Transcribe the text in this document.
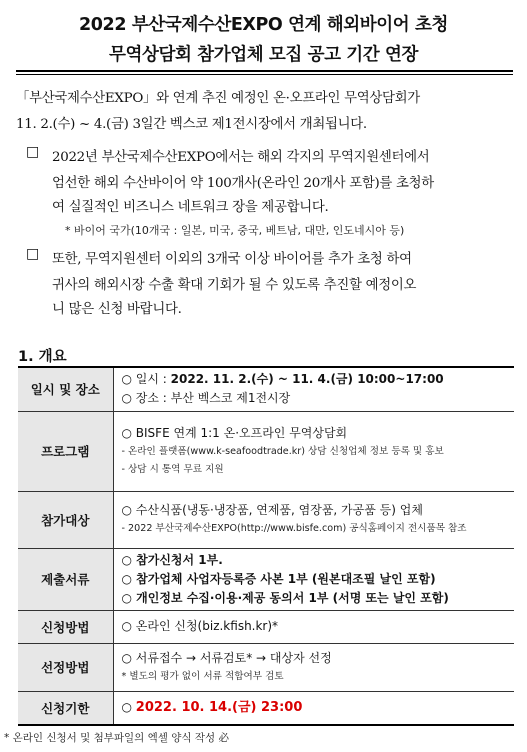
2022 부산국제수산EXPO 연계 해외바이어 초청
무역상담회 참가업체 모집 공고 기간 연장
「부산국제수산EXPO」와 연계 추진 예정인 온·오프라인 무역상담회가
11. 2.(수) ~ 4.(금) 3일간 벡스코 제1전시장에서 개최됩니다.
□ 2022년 부산국제수산EXPO에서는 해외 각지의 무역지원센터에서
엄선한 해외 수산바이어 약 100개사(온라인 20개사 포함)를 초청하
여 실질적인 비즈니스 네트워크 장을 제공합니다.
* 바이어 국가(10개국 : 일본, 미국, 중국, 베트남, 대만, 인도네시아 등)
□ 또한, 무역지원센터 이외의 3개국 이상 바이어를 추가 초청 하여
귀사의 해외시장 수출 확대 기회가 될 수 있도록 추진할 예정이오
니 많은 신청 바랍니다.
1. 개요
일시 및 장소	○ 일시 : 2022. 11. 2.(수) ~ 11. 4.(금) 10:00~17:00
○ 장소 : 부산 벡스코 제1전시장

프로그램	○ BISFE 연계 1:1 온·오프라인 무역상담회
- 온라인 플랫폼(www.k-seafoodtrade.kr) 상담 신청업체 정보 등록 및 홍보
- 상담 시 통역 무료 지원

참가대상	○ 수산식품(냉동·냉장품, 연제품, 염장품, 가공품 등) 업체
- 2022 부산국제수산EXPO(http://www.bisfe.com) 공식홈페이지 전시품목 참조

제출서류	○ 참가신청서 1부.
○ 참가업체 사업자등록증 사본 1부 (원본대조필 날인 포함)
○ 개인정보 수집·이용·제공 동의서 1부 (서명 또는 날인 포함)

신청방법	○ 온라인 신청(biz.kfish.kr)*
선정방법	○ 서류접수 → 서류검토* → 대상자 선정
* 별도의 평가 없이 서류 적합여부 검토

신청기한	○ 2022. 10. 14.(금) 23:00
* 온라인 신청서 및 첨부파일의 엑셀 양식 작성 必
